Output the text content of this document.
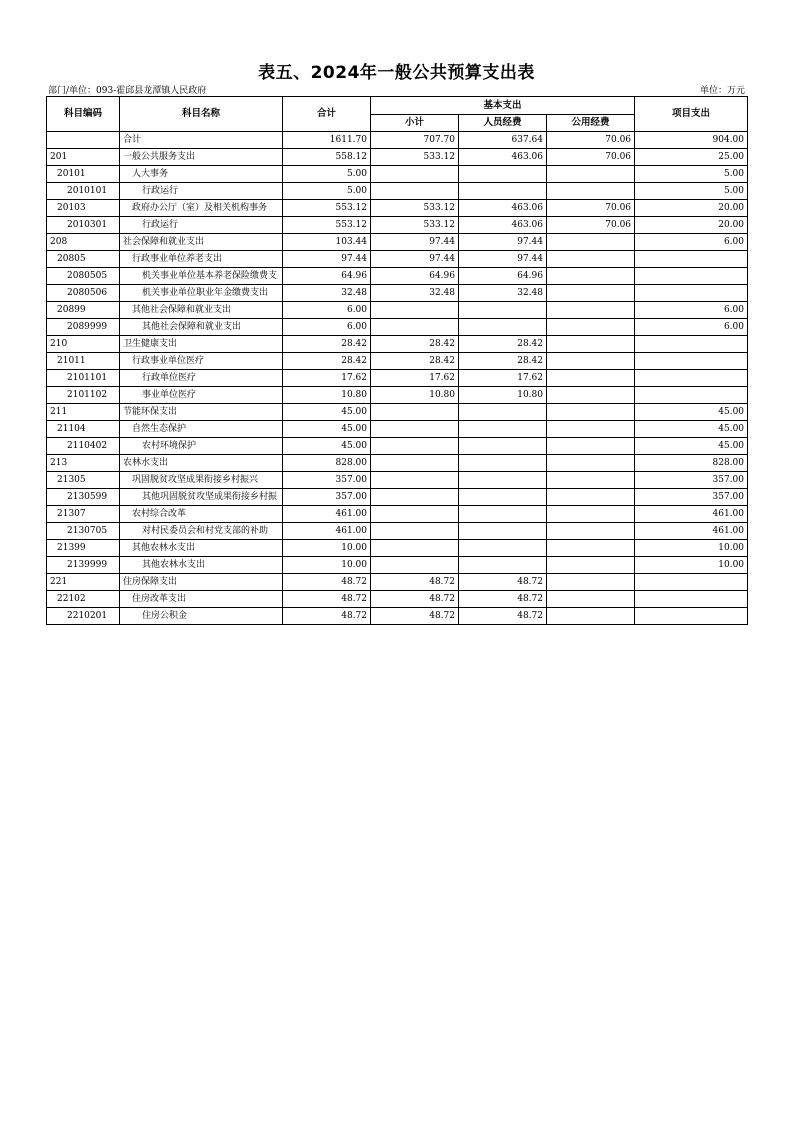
表五、2024年一般公共预算支出表
部门/单位：093-霍邱县龙潭镇人民政府	单位：万元
科目编码	科目名称	合计	基本支出			项目支出
			小计	人员经费	公用经费	
	合计	1611.70	707.70	637.64	70.06	904.00
201	一般公共服务支出	558.12	533.12	463.06	70.06	25.00
20101	人大事务	5.00				5.00
2010101	行政运行	5.00				5.00
20103	政府办公厅（室）及相关机构事务	553.12	533.12	463.06	70.06	20.00
2010301	行政运行	553.12	533.12	463.06	70.06	20.00
208	社会保障和就业支出	103.44	97.44	97.44		6.00
20805	行政事业单位养老支出	97.44	97.44	97.44		
2080505	机关事业单位基本养老保险缴费支	64.96	64.96	64.96		
2080506	机关事业单位职业年金缴费支出	32.48	32.48	32.48		
20899	其他社会保障和就业支出	6.00				6.00
2089999	其他社会保障和就业支出	6.00				6.00
210	卫生健康支出	28.42	28.42	28.42		
21011	行政事业单位医疗	28.42	28.42	28.42		
2101101	行政单位医疗	17.62	17.62	17.62		
2101102	事业单位医疗	10.80	10.80	10.80		
211	节能环保支出	45.00				45.00
21104	自然生态保护	45.00				45.00
2110402	农村环境保护	45.00				45.00
213	农林水支出	828.00				828.00
21305	巩固脱贫攻坚成果衔接乡村振兴	357.00				357.00
2130599	其他巩固脱贫攻坚成果衔接乡村振	357.00				357.00
21307	农村综合改革	461.00				461.00
2130705	对村民委员会和村党支部的补助	461.00				461.00
21399	其他农林水支出	10.00				10.00
2139999	其他农林水支出	10.00				10.00
221	住房保障支出	48.72	48.72	48.72		
22102	住房改革支出	48.72	48.72	48.72		
2210201	住房公积金	48.72	48.72	48.72		
